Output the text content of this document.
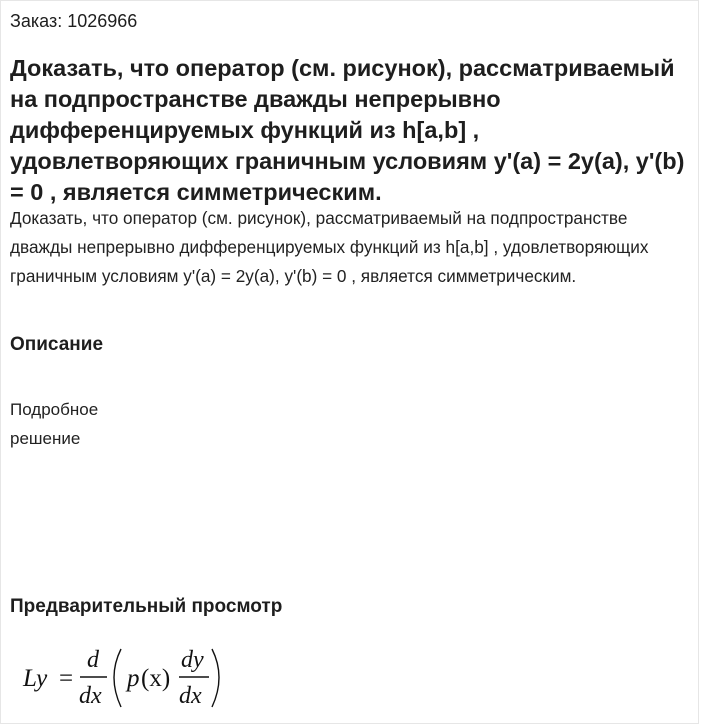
Заказ: 1026966
Доказать, что оператор (см. рисунок), рассматриваемый на подпространстве дважды непрерывно дифференцируемых функций из h[a,b] , удовлетворяющих граничным условиям y'(a) = 2y(a), y'(b) = 0 , является симметрическим.

Доказать, что оператор (см. рисунок), рассматриваемый на подпространстве дважды непрерывно дифференцируемых функций из h[a,b] , удовлетворяющих граничным условиям y'(a) = 2y(a), y'(b) = 0 , является симметрическим.

Описание
Подробное
решение
Предварительный просмотр
Ly =
d
dx
p (x)
dy
dx
